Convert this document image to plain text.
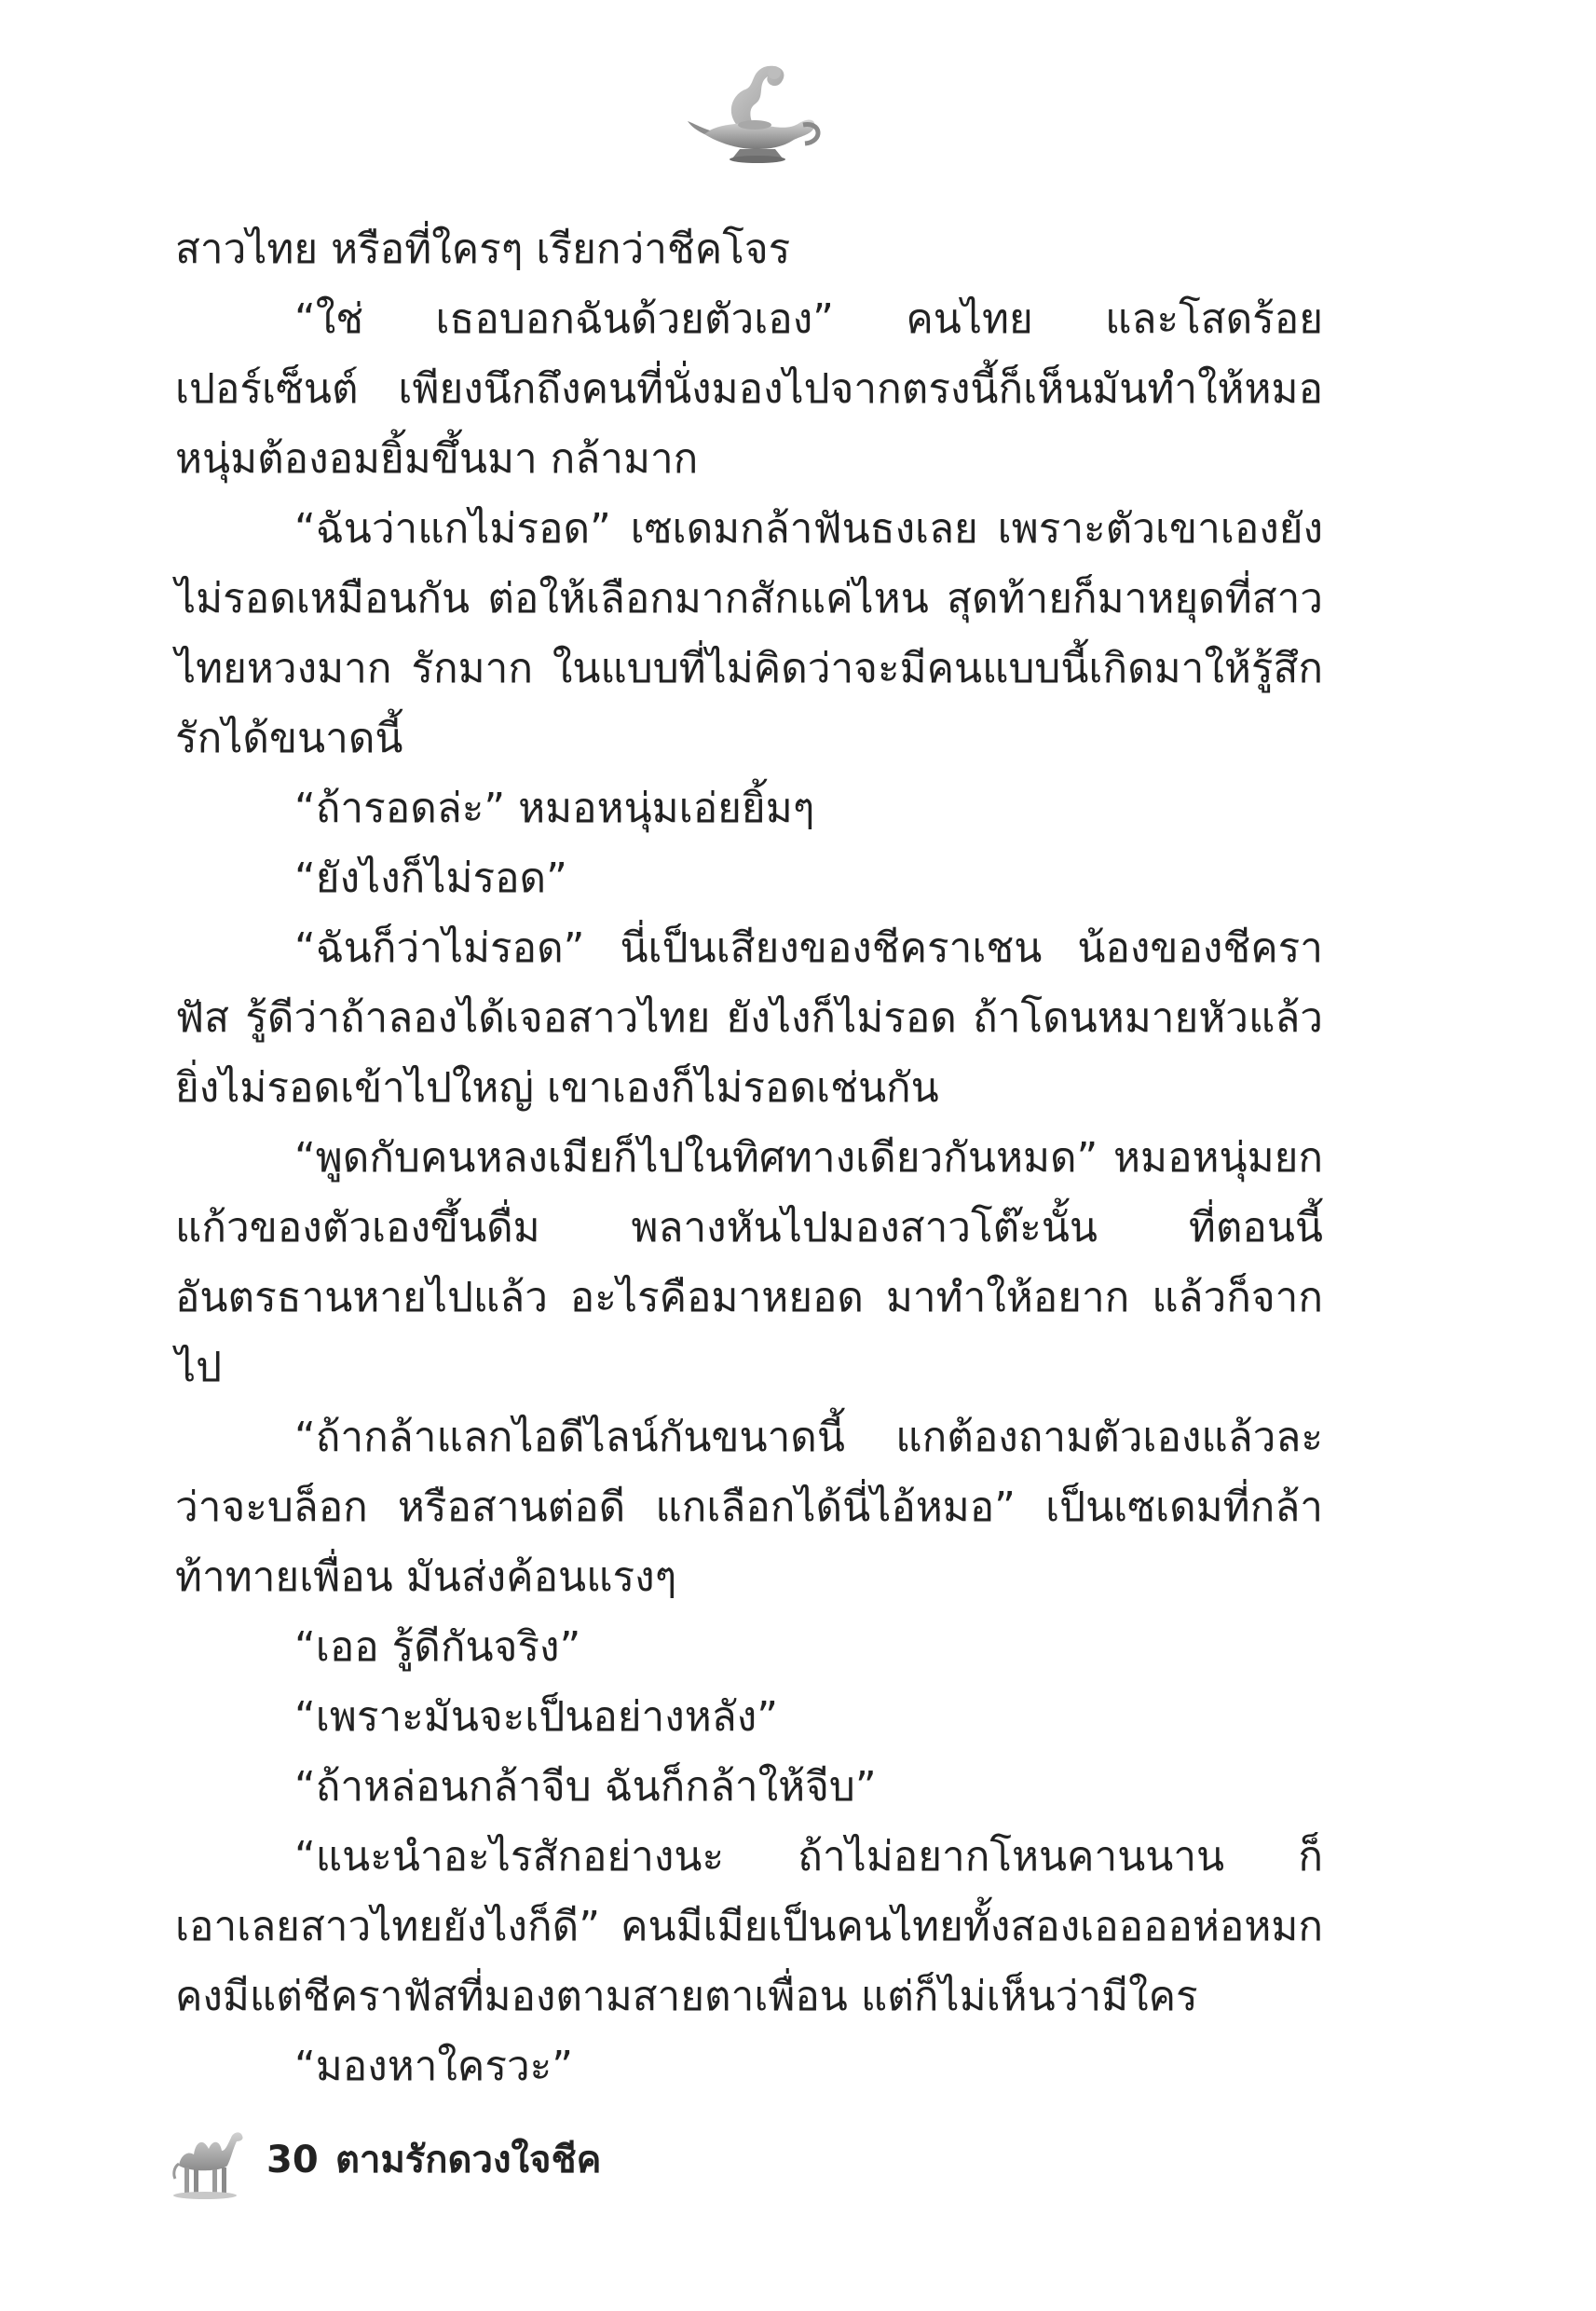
สาวไทย หรือที่ใครๆ เรียกว่าชีคโจร

“ใช่ เธอบอกฉันด้วยตัวเอง” คนไทย และโสดร้อยเปอร์เซ็นต์ เพียงนึกถึงคนที่นั่งมองไปจากตรงนี้ก็เห็นมันทำให้หมอหนุ่มต้องอมยิ้มขึ้นมา กล้ามาก

“ฉันว่าแกไม่รอด” เซเดมกล้าฟันธงเลย เพราะตัวเขาเองยังไม่รอดเหมือนกัน ต่อให้เลือกมากสักแค่ไหน สุดท้ายก็มาหยุดที่สาวไทยหวงมาก รักมาก ในแบบที่ไม่คิดว่าจะมีคนแบบนี้เกิดมาให้รู้สึกรักได้ขนาดนี้

“ถ้ารอดล่ะ” หมอหนุ่มเอ่ยยิ้มๆ

“ยังไงก็ไม่รอด”

“ฉันก็ว่าไม่รอด” นี่เป็นเสียงของชีคราเชน น้องของชีคราฟัส รู้ดีว่าถ้าลองได้เจอสาวไทย ยังไงก็ไม่รอด ถ้าโดนหมายหัวแล้วยิ่งไม่รอดเข้าไปใหญ่ เขาเองก็ไม่รอดเช่นกัน

“พูดกับคนหลงเมียก็ไปในทิศทางเดียวกันหมด” หมอหนุ่มยกแก้วของตัวเองขึ้นดื่ม พลางหันไปมองสาวโต๊ะนั้น ที่ตอนนี้อันตรธานหายไปแล้ว อะไรคือมาหยอด มาทำให้อยาก แล้วก็จากไป

“ถ้ากล้าแลกไอดีไลน์กันขนาดนี้ แกต้องถามตัวเองแล้วละว่าจะบล็อก หรือสานต่อดี แกเลือกได้นี่ไอ้หมอ” เป็นเซเดมที่กล้าท้าทายเพื่อน มันส่งค้อนแรงๆ

“เออ รู้ดีกันจริง”

“เพราะมันจะเป็นอย่างหลัง”

“ถ้าหล่อนกล้าจีบ ฉันก็กล้าให้จีบ”

“แนะนำอะไรสักอย่างนะ ถ้าไม่อยากโหนคานนาน ก็เอาเลยสาวไทยยังไงก็ดี” คนมีเมียเป็นคนไทยทั้งสองเออออห่อหมก คงมีแต่ชีคราฟัสที่มองตามสายตาเพื่อน แต่ก็ไม่เห็นว่ามีใคร

“มองหาใครวะ”

30 ตามรักดวงใจชีค
